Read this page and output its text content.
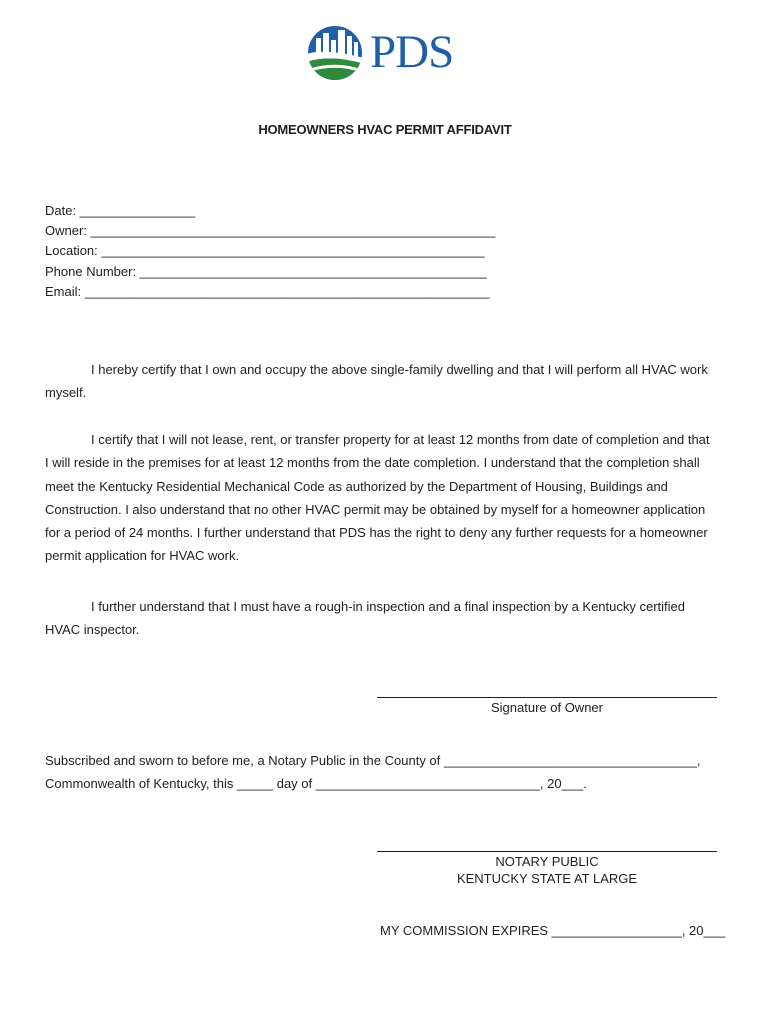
PDS
HOMEOWNERS HVAC PERMIT AFFIDAVIT
Date: ________________
Owner: ________________________________________________________
Location: _____________________________________________________
Phone Number: ________________________________________________
Email: ________________________________________________________

I hereby certify that I own and occupy the above single-family dwelling and that I will perform all HVAC work myself.

I certify that I will not lease, rent, or transfer property for at least 12 months from date of completion and that I will reside in the premises for at least 12 months from the date completion. I understand that the completion shall meet the Kentucky Residential Mechanical Code as authorized by the Department of Housing, Buildings and Construction. I also understand that no other HVAC permit may be obtained by myself for a homeowner application for a period of 24 months. I further understand that PDS has the right to deny any further requests for a homeowner permit application for HVAC work.

I further understand that I must have a rough-in inspection and a final inspection by a Kentucky certified HVAC inspector.

Signature of Owner
Subscribed and sworn to before me, a Notary Public in the County of ___________________________________,
Commonwealth of Kentucky, this _____ day of _______________________________, 20___.
NOTARY PUBLIC
KENTUCKY STATE AT LARGE
MY COMMISSION EXPIRES __________________, 20___
